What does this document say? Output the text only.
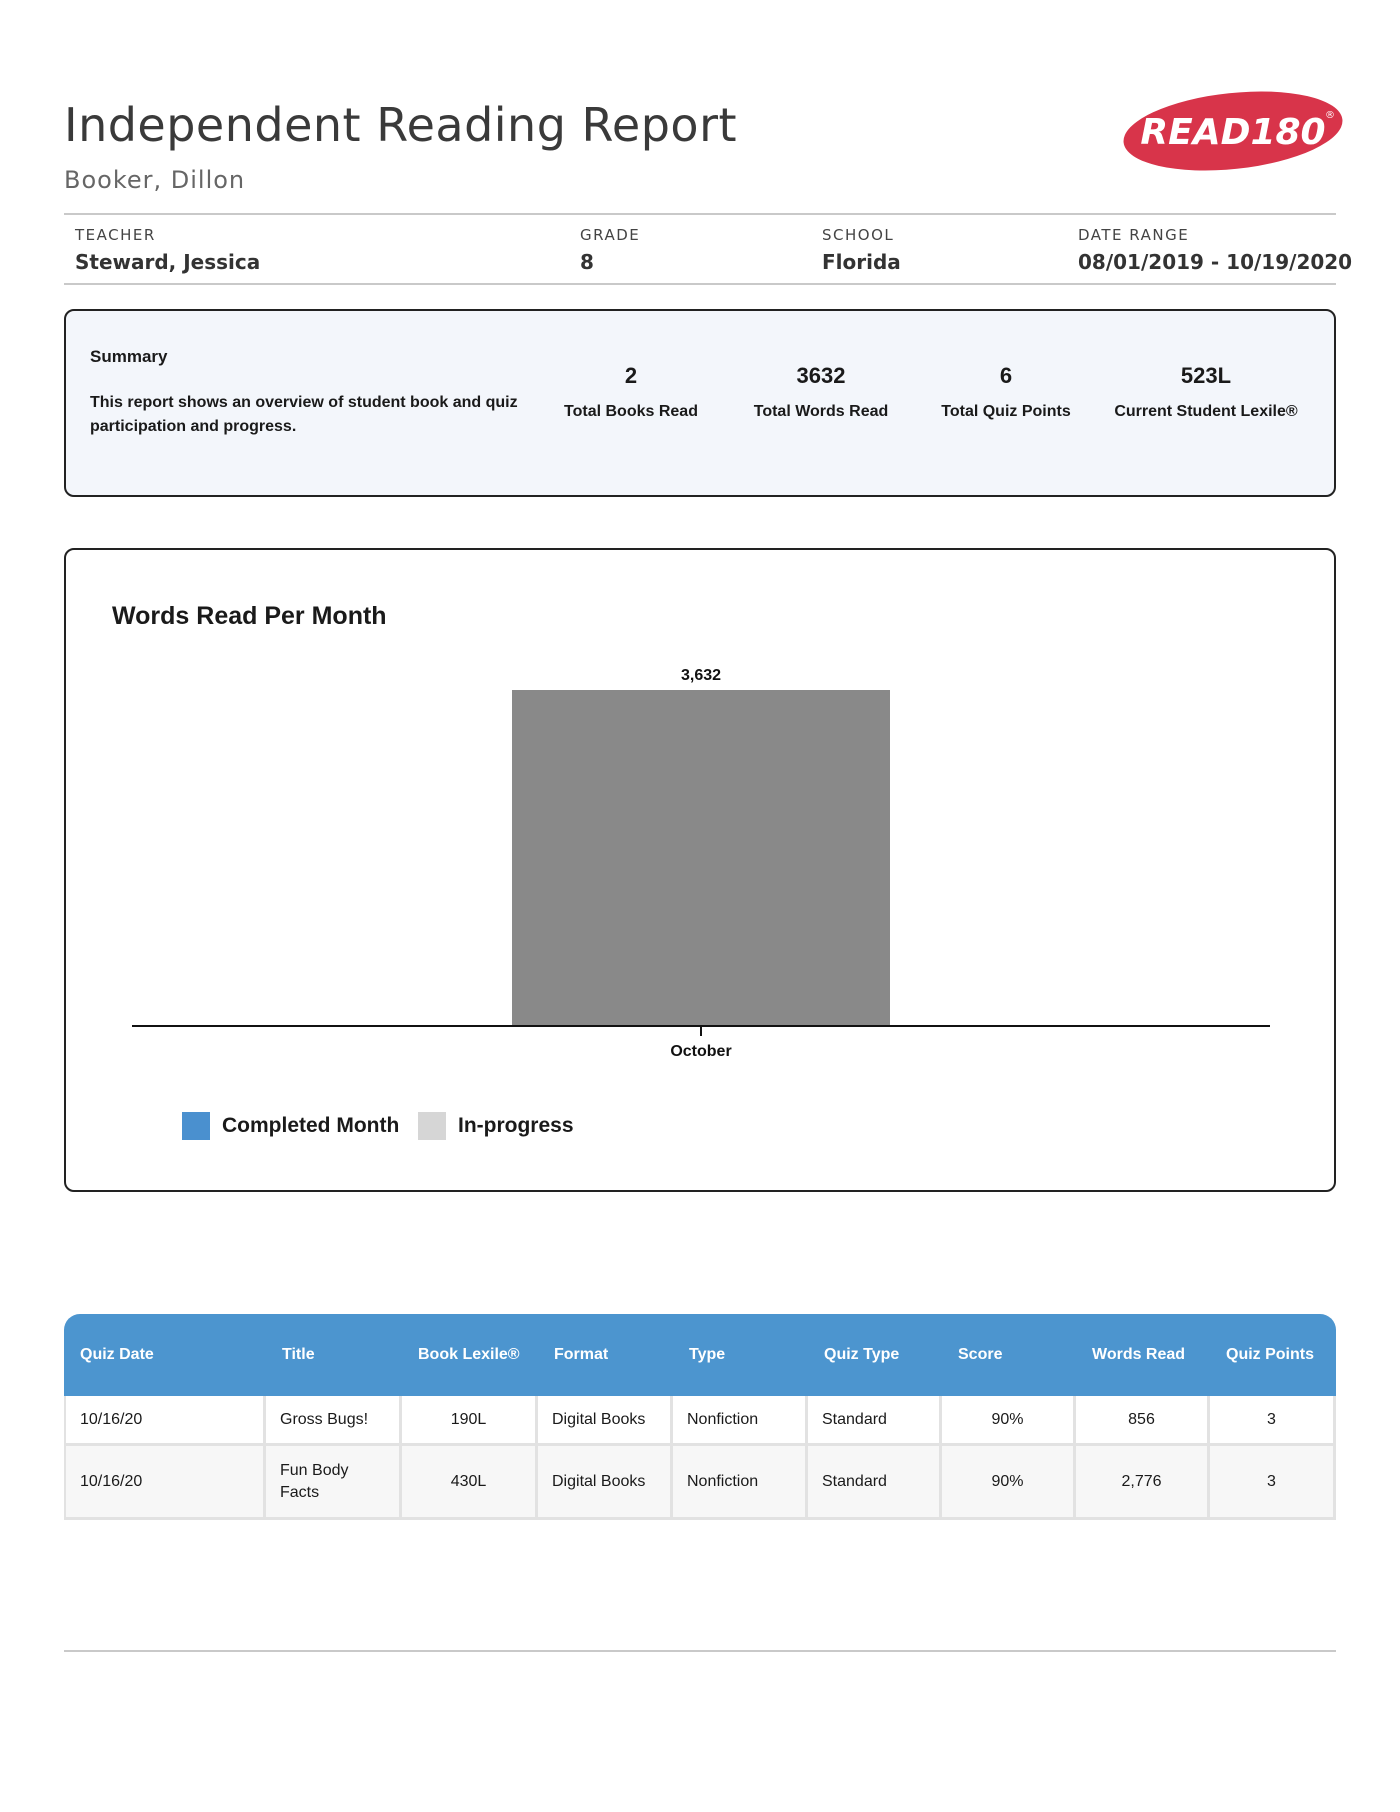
Independent Reading Report
Booker, Dillon
READ180 ®
TEACHER
Steward, Jessica
GRADE
8
SCHOOL
Florida
DATE RANGE
08/01/2019 - 10/19/2020
Summary
This report shows an overview of student book and quiz participation and progress.
2
Total Books Read
3632
Total Words Read
6
Total Quiz Points
523L
Current Student Lexile®
Words Read Per Month
3,632
October
Completed Month	In-progress
Quiz Date	Title	Book Lexile®	Format	Type	Quiz Type	Score	Words Read	Quiz Points
10/16/20	Gross Bugs!	190L	Digital Books	Nonfiction	Standard	90%	856	3
10/16/20	Fun Body Facts	430L	Digital Books	Nonfiction	Standard	90%	2,776	3
